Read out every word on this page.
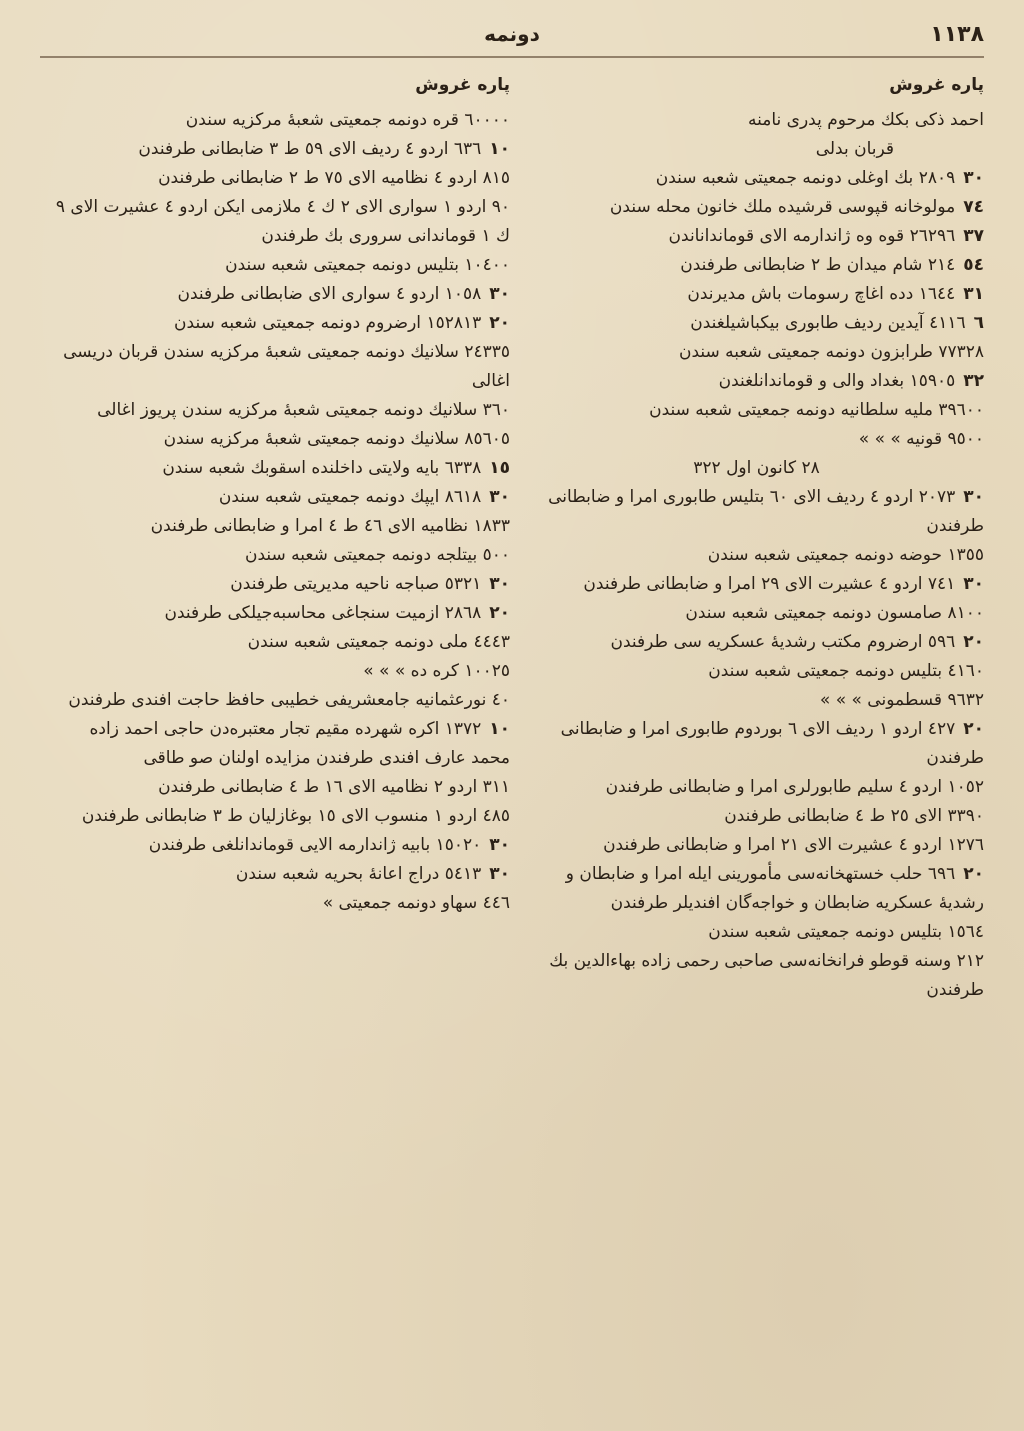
١١٣٨
دونمه
پاره غروش

احمد ذکی بکك مرحوم پدری نامنه

قربان بدلی

٣٠٢٨٠٩ بك اوغلی دونمه جمعیتی شعبه سندن

٧٤مولوخانه قپوسی قرشیده ملك خانون محله سندن

٣٧٢٦٢٩٦ قوه وه ژاندارمه الای قومانداناندن

٥٤٢١٤ شام میدان ط ٢ ضابطانی طرفندن

٣١١٦٤٤ دده اغاچ رسومات باش مدیرندن

٦٤١١٦ آیدین ردیف طابوری بیکباشیلغندن

٧٧٣٢٨ طرابزون دونمه جمعیتی شعبه سندن

٣٢١٥٩٠٥ بغداد والی و قوماندانلغندن

٣٩٦٠٠ ملیه سلطانیه دونمه جمعیتی شعبه سندن

٩٥٠٠ قونیه » » »

٢٨ کانون اول ٣٢٢

٣٠٢٠٧٣ اردو ٤ ردیف الای ٦٠ بتلیس طابوری امرا و ضابطانی طرفندن

١٣٥٥ حوضه دونمه جمعیتی شعبه سندن

٣٠٧٤١ اردو ٤ عشیرت الای ٢٩ امرا و ضابطانی طرفندن

٨١٠٠ صامسون دونمه جمعیتی شعبه سندن

٢٠٥٩٦ ارضروم مکتب رشدیهٔ عسکریه سی طرفندن

٤١٦٠ بتلیس دونمه جمعیتی شعبه سندن

٩٦٣٢ قسطمونی » » »

٢٠٤٢٧ اردو ١ ردیف الای ٦ بوردوم طابوری امرا و ضابطانی طرفندن

١٠٥٢ اردو ٤ سلیم طابورلری امرا و ضابطانی طرفندن

٣٣٩٠ الای ٢٥ ط ٤ ضابطانی طرفندن

١٢٧٦ اردو ٤ عشیرت الای ٢١ امرا و ضابطانی طرفندن

٢٠٦٩٦ حلب خستهخانه‌سی مأمورینی ایله امرا و ضابطان و رشدیهٔ عسکریه ضابطان و خواجه‌گان افندیلر طرفندن

١٥٦٤ بتلیس دونمه جمعیتی شعبه سندن

٢١٢ وسنه قوطو فرانخانه‌سی صاحبی رحمی زاده بهاءالدین بك طرفندن

پاره غروش

٦٠٠٠٠ قره دونمه جمعیتی شعبهٔ مرکزیه سندن

١٠٦٣٦ اردو ٤ ردیف الای ٥٩ ط ٣ ضابطانی طرفندن

٨١٥ اردو ٤ نظامیه الای ٧٥ ط ٢ ضابطانی طرفندن

٩٠ اردو ١ سواری الای ٢ ك ٤ ملازمی ایکن اردو ٤ عشیرت الای ٩ ك ١ قوماندانی سروری بك طرفندن

١٠٤٠٠ بتلیس دونمه جمعیتی شعبه سندن

٣٠١٠٥٨ اردو ٤ سواری الای ضابطانی طرفندن

٢٠١٥٢٨١٣ ارضروم دونمه جمعیتی شعبه سندن

٢٤٣٣٥ سلانیك دونمه جمعیتی شعبهٔ مرکزیه سندن قربان دریسی اغالی

٣٦٠ سلانیك دونمه جمعیتی شعبهٔ مرکزیه سندن پریوز اغالی

٨٥٦٠٥ سلانیك دونمه جمعیتی شعبهٔ مرکزیه سندن

١٥٦٣٣٨ بایه ولایتی داخلنده اسقوبك شعبه سندن

٣٠٨٦١٨ ایپك دونمه جمعیتی شعبه سندن

١٨٣٣ نظامیه الای ٤٦ ط ٤ امرا و ضابطانی طرفندن

٥٠٠ بیتلجه دونمه جمعیتی شعبه سندن

٣٠٥٣٢١ صباجه ناحیه مدیریتی طرفندن

٢٠٢٨٦٨ ازمیت سنجاغی محاسبه‌جیلکی طرفندن

٤٤٤٣ ملی دونمه جمعیتی شعبه سندن

١٠٠٢٥ کره ده » » »

٤٠ نورعثمانیه جامعشریفی خطیبی حافظ حاجت افندی طرفندن

١٠١٣٧٢ اکره شهرده مقیم تجار معتبره‌دن حاجی احمد زاده محمد عارف افندی طرفندن مزایده اولنان صو طاقی

٣١١ اردو ٢ نظامیه الای ١٦ ط ٤ ضابطانی طرفندن

٤٨٥ اردو ١ منسوب الای ١٥ بوغازلیان ط ٣ ضابطانی طرفندن

٣٠١٥٠٢٠ بابیه ژاندارمه الایی قوماندانلغی طرفندن

٣٠٥٤١٣ دراج اعانهٔ بحریه شعبه سندن

٤٤٦ سهاو دونمه جمعیتی »
